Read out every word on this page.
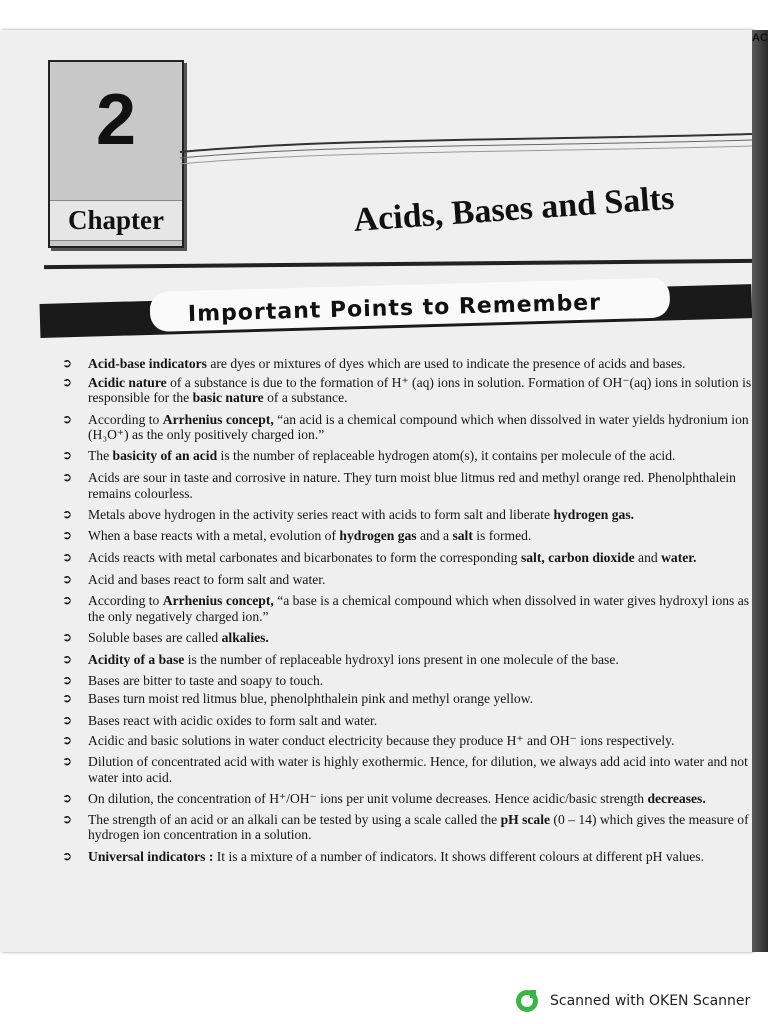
2
Chapter	Acids, Bases and Salts
Important Points to Remember
➲ Acid-base indicators are dyes or mixtures of dyes which are used to indicate the presence of acids and bases.
➲ Acidic nature of a substance is due to the formation of H⁺ (aq) ions in solution. Formation of OH⁻(aq) ions in solution is responsible for the basic nature of a substance.
➲ According to Arrhenius concept, “an acid is a chemical compound which when dissolved in water yields hydronium ion (H₃O⁺) as the only positively charged ion.”
➲ The basicity of an acid is the number of replaceable hydrogen atom(s), it contains per molecule of the acid.
➲ Acids are sour in taste and corrosive in nature. They turn moist blue litmus red and methyl orange red. Phenolphthalein remains colourless.
➲ Metals above hydrogen in the activity series react with acids to form salt and liberate hydrogen gas.
➲ When a base reacts with a metal, evolution of hydrogen gas and a salt is formed.
➲ Acids reacts with metal carbonates and bicarbonates to form the corresponding salt, carbon dioxide and water.
➲ Acid and bases react to form salt and water.
➲ According to Arrhenius concept, “a base is a chemical compound which when dissolved in water gives hydroxyl ions as the only negatively charged ion.”
➲ Soluble bases are called alkalies.
➲ Acidity of a base is the number of replaceable hydroxyl ions present in one molecule of the base.
➲ Bases are bitter to taste and soapy to touch.
➲ Bases turn moist red litmus blue, phenolphthalein pink and methyl orange yellow.
➲ Bases react with acidic oxides to form salt and water.
➲ Acidic and basic solutions in water conduct electricity because they produce H⁺ and OH⁻ ions respectively.
➲ Dilution of concentrated acid with water is highly exothermic. Hence, for dilution, we always add acid into water and not water into acid.
➲ On dilution, the concentration of H⁺/OH⁻ ions per unit volume decreases. Hence acidic/basic strength decreases.
➲ The strength of an acid or an alkali can be tested by using a scale called the pH scale (0 – 14) which gives the measure of hydrogen ion concentration in a solution.
➲ Universal indicators : It is a mixture of a number of indicators. It shows different colours at different pH values.
AC
Scanned with OKEN Scanner
